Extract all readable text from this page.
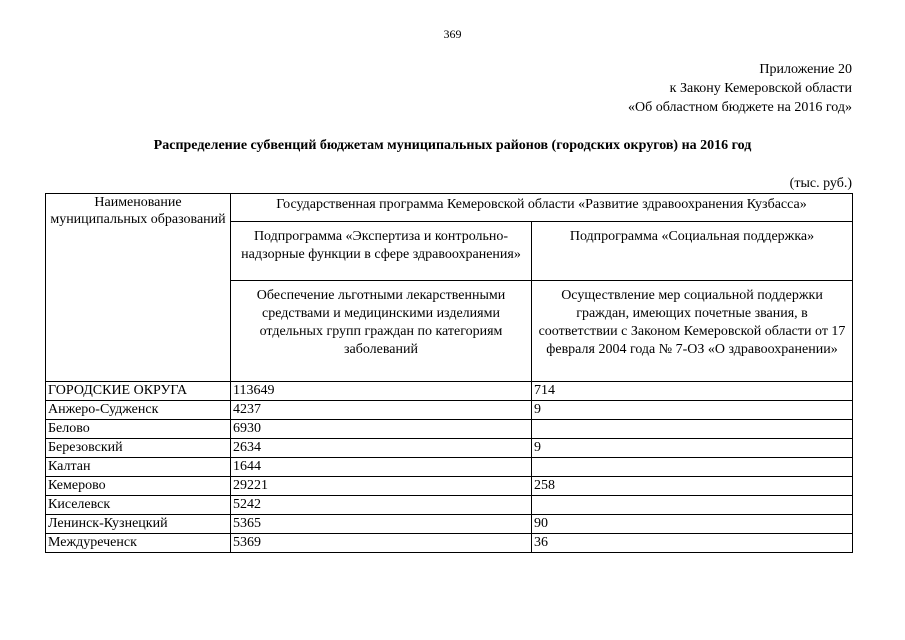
369
Приложение 20
к Закону Кемеровской области
«Об областном бюджете на 2016 год»
Распределение субвенций бюджетам муниципальных районов (городских округов) на 2016 год
(тыс. руб.)
Наименование муниципальных образований	Государственная программа Кемеровской области «Развитие здравоохранения Кузбасса»	
	Подпрограмма «Экспертиза и контрольно-надзорные функции в сфере здравоохранения»	Подпрограмма «Социальная поддержка»
	Обеспечение льготными лекарственными средствами и медицинскими изделиями отдельных групп граждан по категориям заболеваний	Осуществление мер социальной поддержки граждан, имеющих почетные звания, в соответствии с Законом Кемеровской области от 17 февраля 2004 года № 7-ОЗ «О здравоохранении»
ГОРОДСКИЕ ОКРУГА	113649	714
Анжеро-Судженск	4237	9
Белово	6930	
Березовский	2634	9
Калтан	1644	
Кемерово	29221	258
Киселевск	5242	
Ленинск-Кузнецкий	5365	90
Междуреченск	5369	36
